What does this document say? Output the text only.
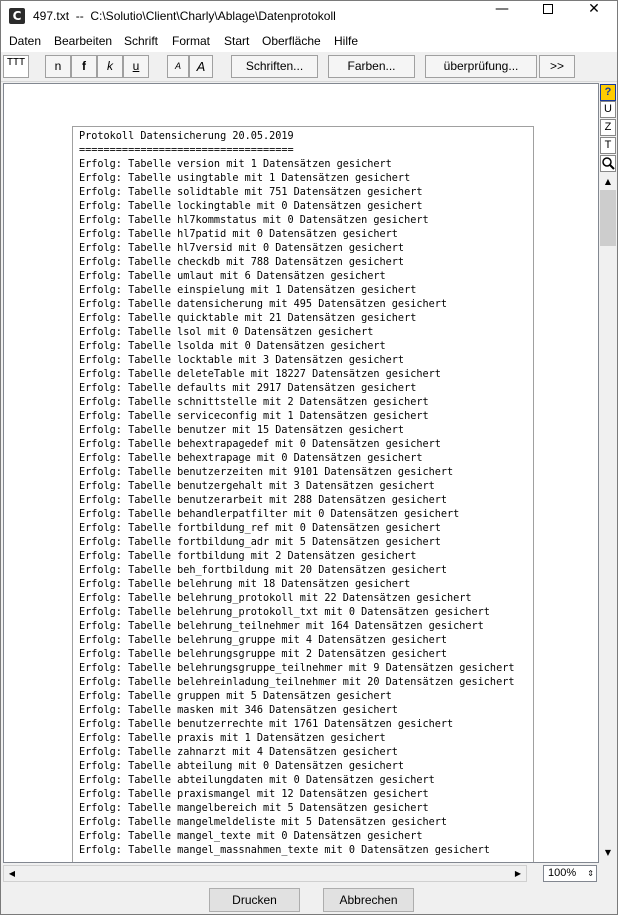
C 497.txt  --  C:\Solutio\Client\Charly\Ablage\Datenprotokoll	—	✕
Daten Bearbeiten Schrift Format Start Oberfläche Hilfe
TTT	n	f	k	u	A	A	Schriften...	Farben...	überprüfung...	>>
Protokoll Datensicherung 20.05.2019
===================================
Erfolg: Tabelle version mit 1 Datensätzen gesichert
Erfolg: Tabelle usingtable mit 1 Datensätzen gesichert
Erfolg: Tabelle solidtable mit 751 Datensätzen gesichert
Erfolg: Tabelle lockingtable mit 0 Datensätzen gesichert
Erfolg: Tabelle hl7kommstatus mit 0 Datensätzen gesichert
Erfolg: Tabelle hl7patid mit 0 Datensätzen gesichert
Erfolg: Tabelle hl7versid mit 0 Datensätzen gesichert
Erfolg: Tabelle checkdb mit 788 Datensätzen gesichert
Erfolg: Tabelle umlaut mit 6 Datensätzen gesichert
Erfolg: Tabelle einspielung mit 1 Datensätzen gesichert
Erfolg: Tabelle datensicherung mit 495 Datensätzen gesichert
Erfolg: Tabelle quicktable mit 21 Datensätzen gesichert
Erfolg: Tabelle lsol mit 0 Datensätzen gesichert
Erfolg: Tabelle lsolda mit 0 Datensätzen gesichert
Erfolg: Tabelle locktable mit 3 Datensätzen gesichert
Erfolg: Tabelle deleteTable mit 18227 Datensätzen gesichert
Erfolg: Tabelle defaults mit 2917 Datensätzen gesichert
Erfolg: Tabelle schnittstelle mit 2 Datensätzen gesichert
Erfolg: Tabelle serviceconfig mit 1 Datensätzen gesichert
Erfolg: Tabelle benutzer mit 15 Datensätzen gesichert
Erfolg: Tabelle behextrapagedef mit 0 Datensätzen gesichert
Erfolg: Tabelle behextrapage mit 0 Datensätzen gesichert
Erfolg: Tabelle benutzerzeiten mit 9101 Datensätzen gesichert
Erfolg: Tabelle benutzergehalt mit 3 Datensätzen gesichert
Erfolg: Tabelle benutzerarbeit mit 288 Datensätzen gesichert
Erfolg: Tabelle behandlerpatfilter mit 0 Datensätzen gesichert
Erfolg: Tabelle fortbildung_ref mit 0 Datensätzen gesichert
Erfolg: Tabelle fortbildung_adr mit 5 Datensätzen gesichert
Erfolg: Tabelle fortbildung mit 2 Datensätzen gesichert
Erfolg: Tabelle beh_fortbildung mit 20 Datensätzen gesichert
Erfolg: Tabelle belehrung mit 18 Datensätzen gesichert
Erfolg: Tabelle belehrung_protokoll mit 22 Datensätzen gesichert
Erfolg: Tabelle belehrung_protokoll_txt mit 0 Datensätzen gesichert
Erfolg: Tabelle belehrung_teilnehmer mit 164 Datensätzen gesichert
Erfolg: Tabelle belehrung_gruppe mit 4 Datensätzen gesichert
Erfolg: Tabelle belehrungsgruppe mit 2 Datensätzen gesichert
Erfolg: Tabelle belehrungsgruppe_teilnehmer mit 9 Datensätzen gesichert
Erfolg: Tabelle belehreinladung_teilnehmer mit 20 Datensätzen gesichert
Erfolg: Tabelle gruppen mit 5 Datensätzen gesichert
Erfolg: Tabelle masken mit 346 Datensätzen gesichert
Erfolg: Tabelle benutzerrechte mit 1761 Datensätzen gesichert
Erfolg: Tabelle praxis mit 1 Datensätzen gesichert
Erfolg: Tabelle zahnarzt mit 4 Datensätzen gesichert
Erfolg: Tabelle abteilung mit 0 Datensätzen gesichert
Erfolg: Tabelle abteilungdaten mit 0 Datensätzen gesichert
Erfolg: Tabelle praxismangel mit 12 Datensätzen gesichert
Erfolg: Tabelle mangelbereich mit 5 Datensätzen gesichert
Erfolg: Tabelle mangelmeldeliste mit 5 Datensätzen gesichert
Erfolg: Tabelle mangel_texte mit 0 Datensätzen gesichert
Erfolg: Tabelle mangel_massnahmen_texte mit 0 Datensätzen gesichert
?
U
Z
T
▲
▼
◀	▶	100% ⇕
Drucken	Abbrechen
